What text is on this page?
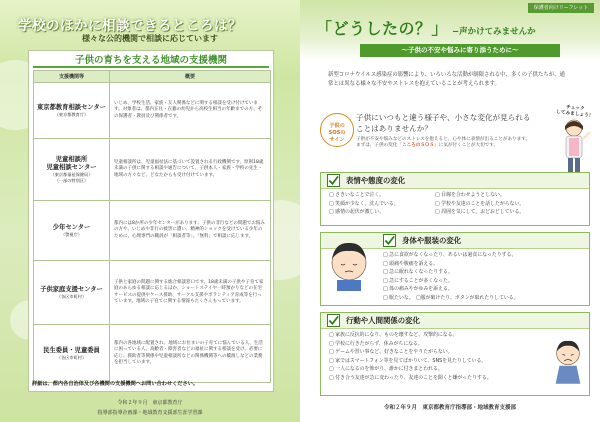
学校のほかに相談できるところは？
様々な公的機関で相談に応じています
子供の育ちを支える地域の支援機関
支援機関等	概要
東京都教育相談センター
（東京都教育庁）	いじめ、学校生活、家族・友人関係などに関する相談を受け付けています。対象者は、都内在住・在籍の幼児から高校生相当の年齢までの方、その保護者・教員及び関係者です。
児童相談所
児童相談センター
（東京都福祉保健局）
（一部の特別区）	児童相談所は、児童福祉法に基づいて設置される行政機関です。原則18歳未満の子供に関する相談や通告について、子供本人・家族・学校の先生・地域の方々など、どなたからも受け付けています。
少年センター
（警視庁）	都内には8か所の少年センターがあります。子供の非行などの問題でお悩みの方や、いじめや非行の被害に遭い、精神的ショックを受けている少年のために、心理専門の職員が「相談者等」、「無料」で相談に応じます。
子供家庭支援センター
（各区市町村）	子供と家庭の問題に関する総合相談窓口です。18歳未満の子供や子育て家庭のあらゆる相談に応じるほか、ショートステイや一時預かりなどの在宅サービスの提供やケース援助、サークル支援やボランティア育成等を行っています。地域の子育てに関する情報もたくさんもっています。
民生委員・児童委員
（各区市町村）	都内の各地域に配置され、地域にお住まいの子育てに悩んでいる人、生活に困っている人、高齢者・障害者などの福祉に関する相談を受け、必要に応じ、援助者等関係や児童相談所などの関係機関等への橋渡しなどの業務を担当しています。
詳細は、都内各自治体及び各機関の支援機関へお問い合わせください。
令和２年９月　東京都教育庁
指導部指導企画課・地域教育支援部生涯学習課
保護者向けリーフレット
「どうしたの？」 −声かけてみませんか
〜子供の不安や悩みに寄り添うために〜
新型コロナウイルス感染症の影響により、いろいろな活動が制限される中、多くの子供たちが、通常とは異なる様々な不安やストレスを抱えていることが考えられます。
チェック
してみましょう！
子供の
SOSの
サイン
子供にいつもと違う様子や、小さな変化が見られることはありませんか？
子供が不安や悩みなどのストレスを抱えると、心や体に表情が出ることがあります。
まずは、子供の変化「こころのＳＯＳ」に気が付くことが大切です。
表情や態度の変化
□ さきいなことで泣く。	□ 目線を合わせようとしない。
□ 笑顔が少なく、沈んでいる。	□ 学校や友達のことを話したがらない。
□ 感情の起伏が激しい。	□ 周囲を気にして、おどおどしている。
身体や服装の変化
□ 急に食欲がなくなったり、あるいは過食になったりする。
□ 頭痛や腹痛を訴える。
□ 急に眠れなくなったりする。
□ 急にすることが多くなった。
□ 体の痛みやかゆみを訴える。
□ 眠たいな。　□服が破けたり、ボタンが取れたりしている。
行動や人間関係の変化
□ 家族に反抗的になり、ものを壊すなど、攻撃的になる。
□ 学校に行きたがらず、休みがちになる。
□ ゲームや習い事など、好きなことをやりたがらない。
□ 家ではスマートフォン等を見てばかりいて、SNSを見たりしている。
□ 一人になるのを怖がり、誰かに付きまとわれる。
□ 付き合う友達が急に変わったり、友達のことを聞くと嫌がったりする。
令和２年９月　東京都教育庁指導部・地域教育支援部
